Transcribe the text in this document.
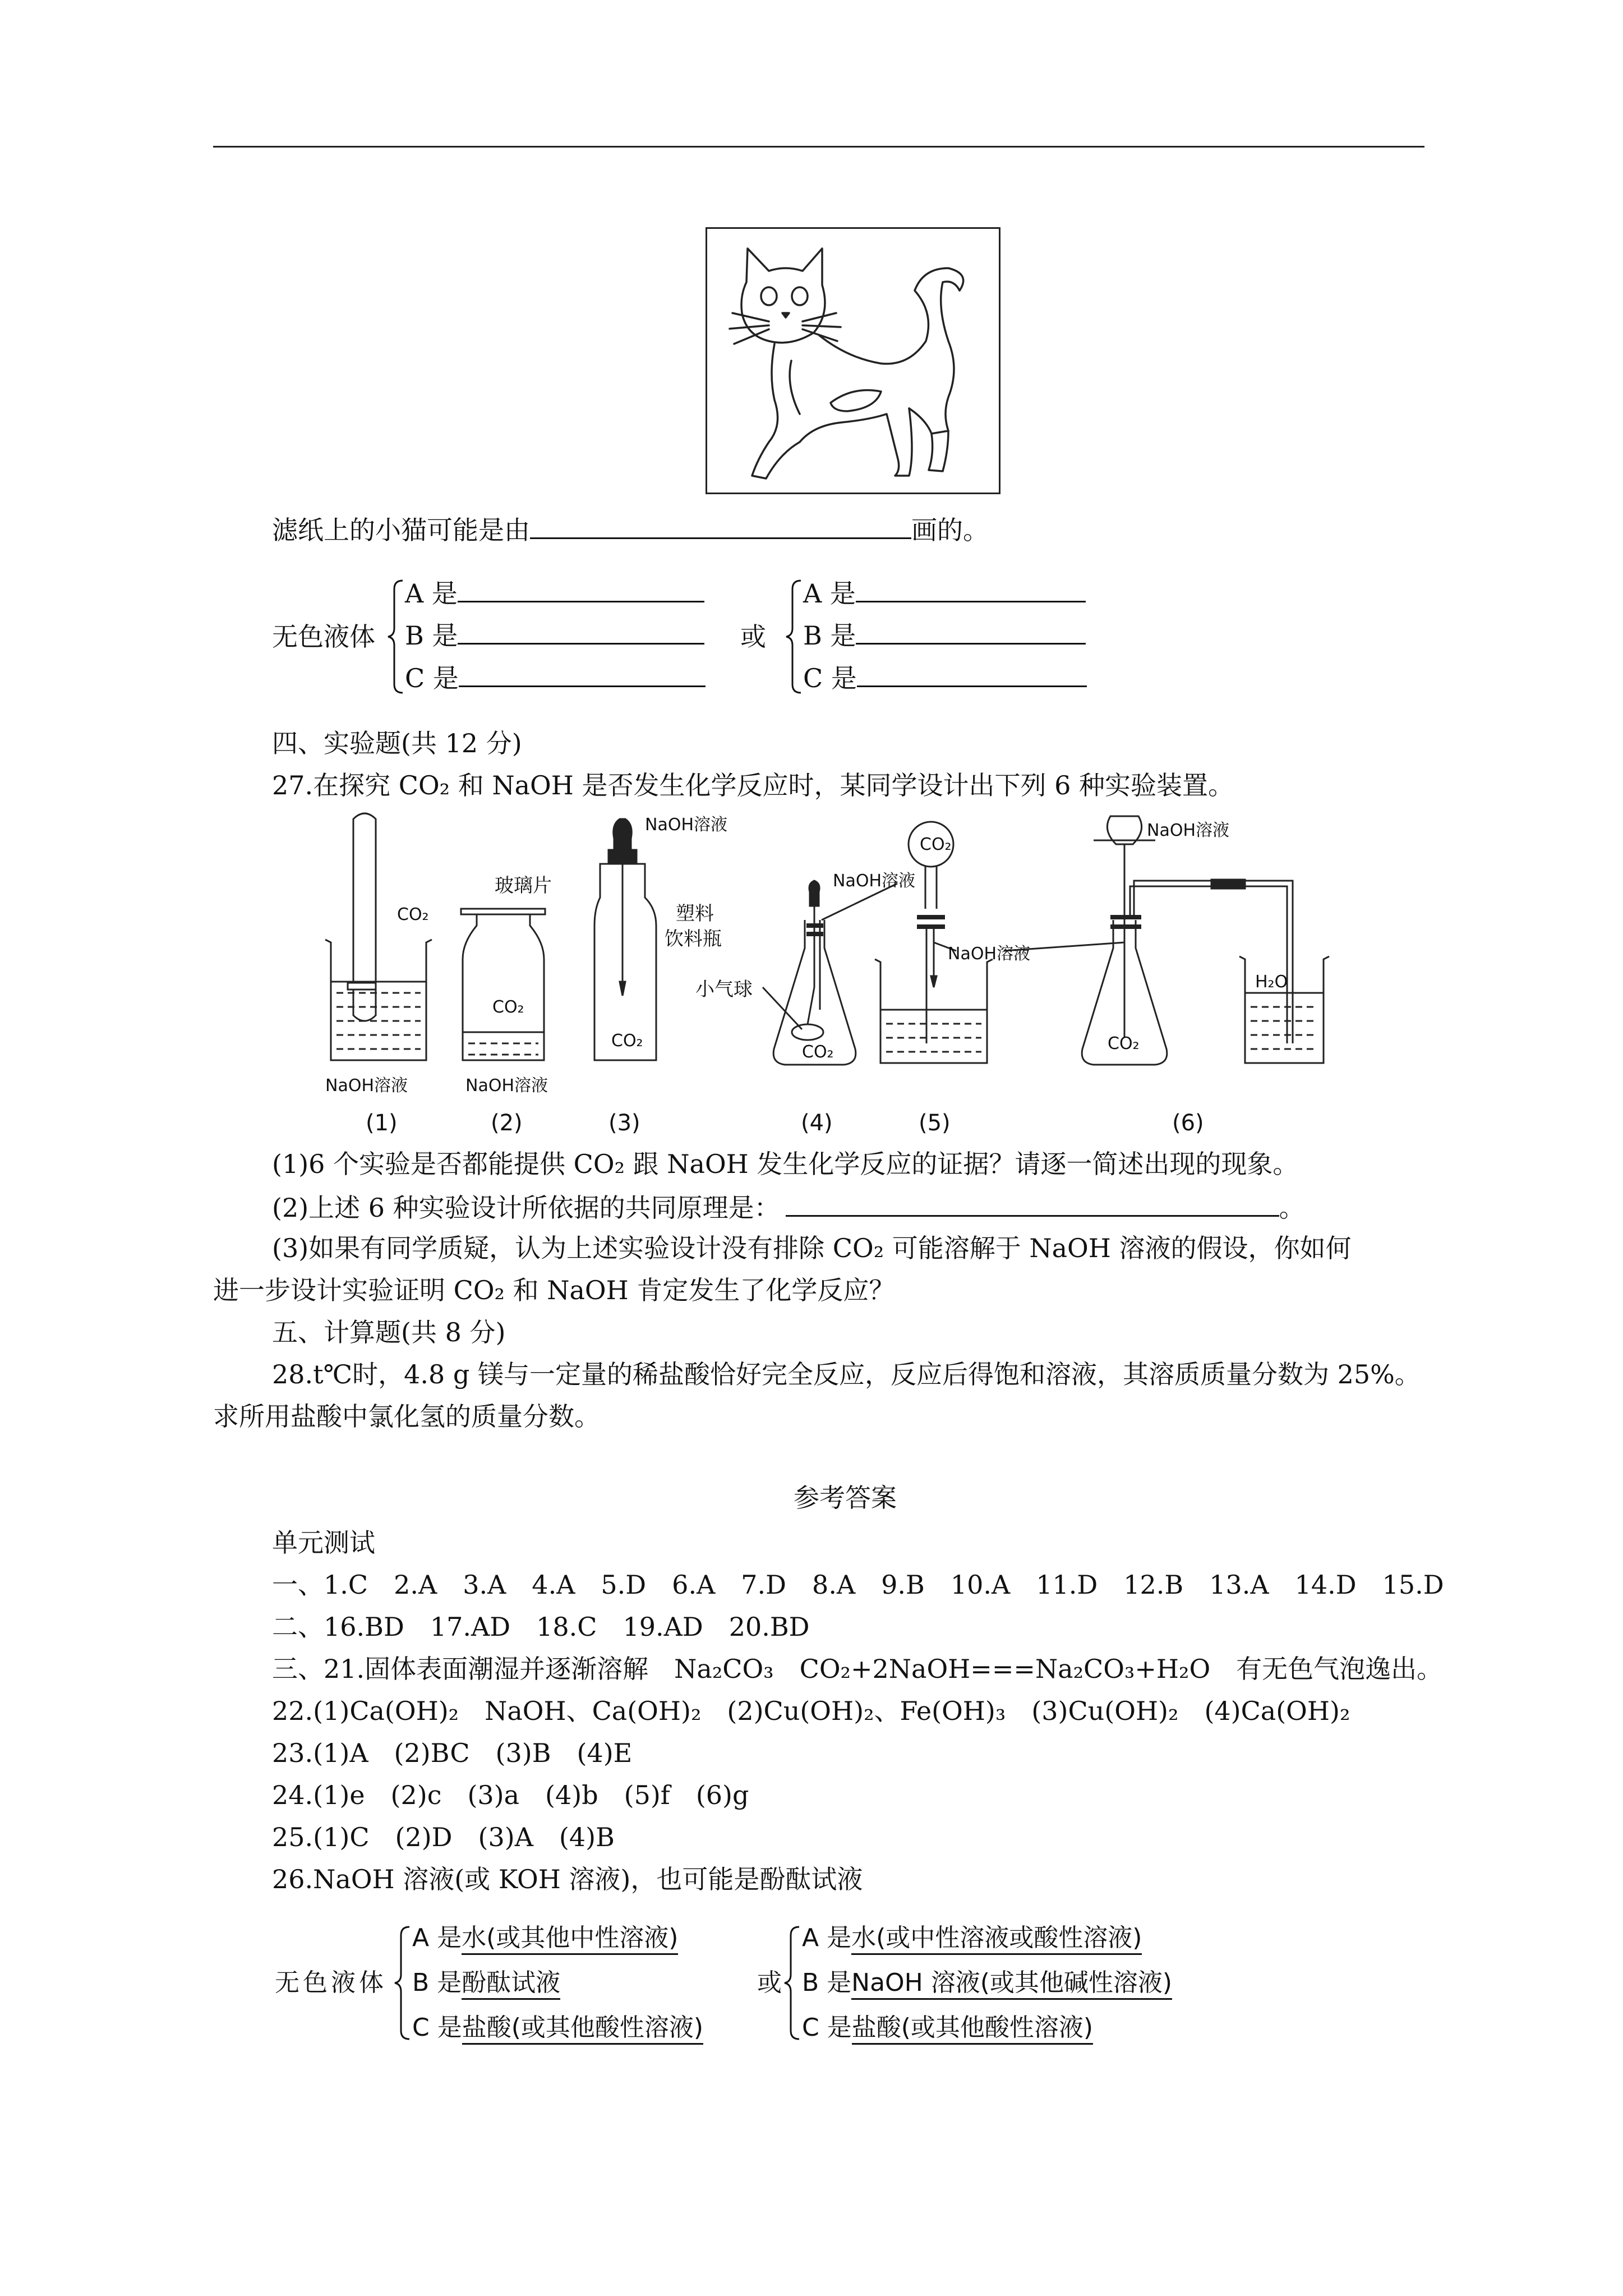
滤纸上的小猫可能是由	画的。
无色液体
A 是
B 是
C 是
或
A 是
B 是
C 是
四、实验题(共 12 分)
27.在探究 CO₂ 和 NaOH 是否发生化学反应时，某同学设计出下列 6 种实验装置。
CO₂
NaOH溶液
玻璃片
CO₂
NaOH溶液
NaOH溶液
塑料
饮料瓶
CO₂
NaOH溶液
小气球
CO₂
CO₂
NaOH溶液
NaOH溶液
CO₂
H₂O
(1)	(2)	(3)	(4)	(5)	(6)
(1)6 个实验是否都能提供 CO₂ 跟 NaOH 发生化学反应的证据？请逐一简述出现的现象。
(2)上述 6 种实验设计所依据的共同原理是：	。
(3)如果有同学质疑，认为上述实验设计没有排除 CO₂ 可能溶解于 NaOH 溶液的假设，你如何
进一步设计实验证明 CO₂ 和 NaOH 肯定发生了化学反应？
五、计算题(共 8 分)
28.t℃时，4.8 g 镁与一定量的稀盐酸恰好完全反应，反应后得饱和溶液，其溶质质量分数为 25%。
求所用盐酸中氯化氢的质量分数。
参考答案
单元测试
一、1.C　2.A　3.A　4.A　5.D　6.A　7.D　8.A　9.B　10.A　11.D　12.B　13.A　14.D　15.D
二、16.BD　17.AD　18.C　19.AD　20.BD
三、21.固体表面潮湿并逐渐溶解　Na₂CO₃　CO₂+2NaOH===Na₂CO₃+H₂O　有无色气泡逸出。
22.(1)Ca(OH)₂　NaOH、Ca(OH)₂　(2)Cu(OH)₂、Fe(OH)₃　(3)Cu(OH)₂　(4)Ca(OH)₂
23.(1)A　(2)BC　(3)B　(4)E
24.(1)e　(2)c　(3)a　(4)b　(5)f　(6)g
25.(1)C　(2)D　(3)A　(4)B
26.NaOH 溶液(或 KOH 溶液)，也可能是酚酞试液
无色液体
A 是水(或其他中性溶液)
B 是酚酞试液
C 是盐酸(或其他酸性溶液)
或
A 是水(或中性溶液或酸性溶液)
B 是NaOH 溶液(或其他碱性溶液)
C 是盐酸(或其他酸性溶液)
